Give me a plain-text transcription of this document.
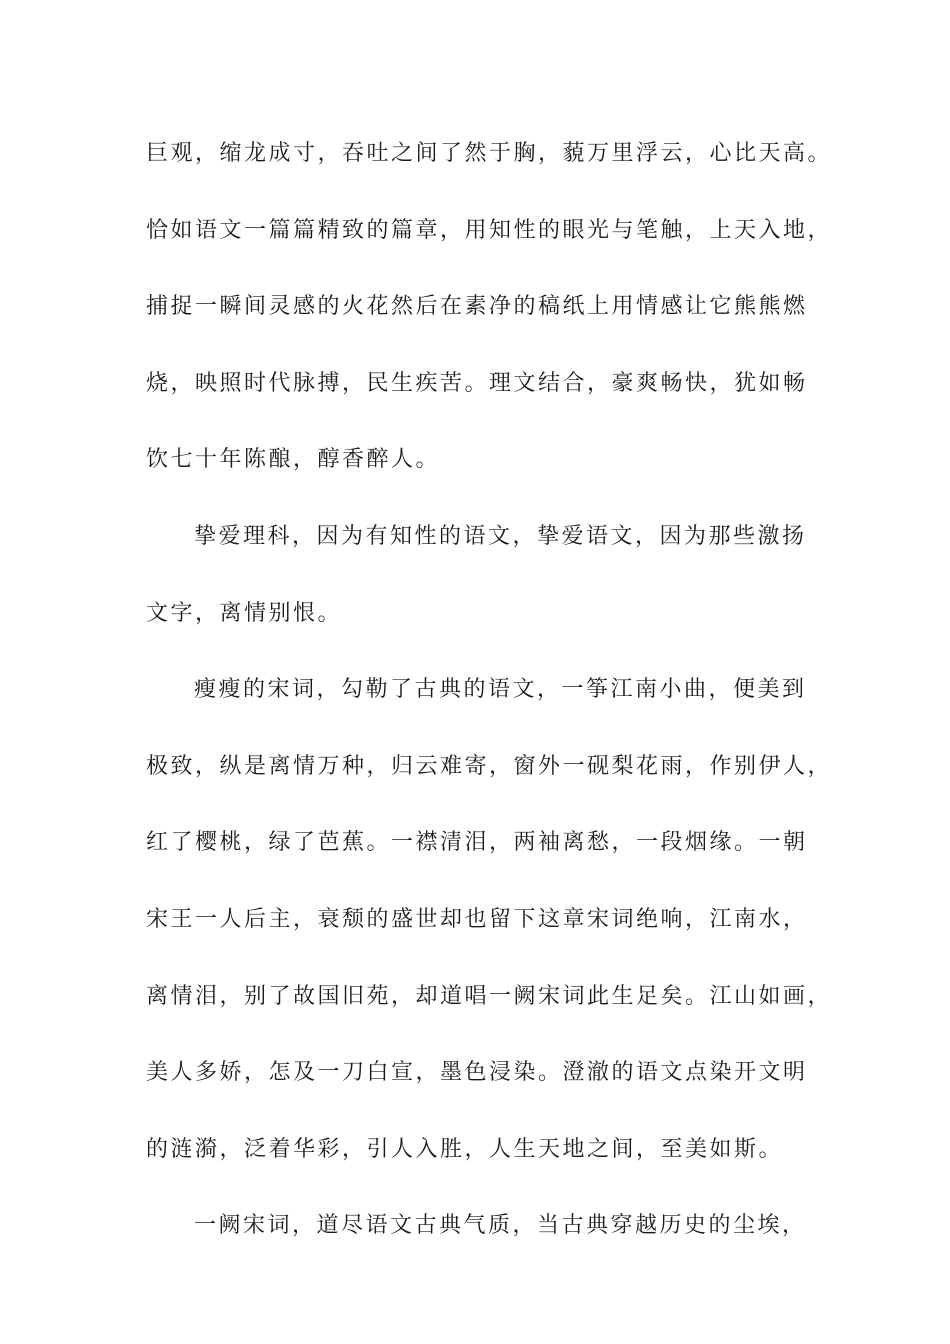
巨观，缩龙成寸，吞吐之间了然于胸，藐万里浮云，心比天高。
恰如语文一篇篇精致的篇章，用知性的眼光与笔触，上天入地，
捕捉一瞬间灵感的火花然后在素净的稿纸上用情感让它熊熊燃
烧，映照时代脉搏，民生疾苦。理文结合，豪爽畅快，犹如畅
饮七十年陈酿，醇香醉人。
挚爱理科，因为有知性的语文，挚爱语文，因为那些激扬
文字，离情别恨。
瘦瘦的宋词，勾勒了古典的语文，一筝江南小曲，便美到
极致，纵是离情万种，归云难寄，窗外一砚梨花雨，作别伊人，
红了樱桃，绿了芭蕉。一襟清泪，两袖离愁，一段烟缘。一朝
宋王一人后主，衰颓的盛世却也留下这章宋词绝响，江南水，
离情泪，别了故国旧苑，却道唱一阙宋词此生足矣。江山如画，
美人多娇，怎及一刀白宣，墨色浸染。澄澈的语文点染开文明
的涟漪，泛着华彩，引人入胜，人生天地之间，至美如斯。
一阙宋词，道尽语文古典气质，当古典穿越历史的尘埃，
